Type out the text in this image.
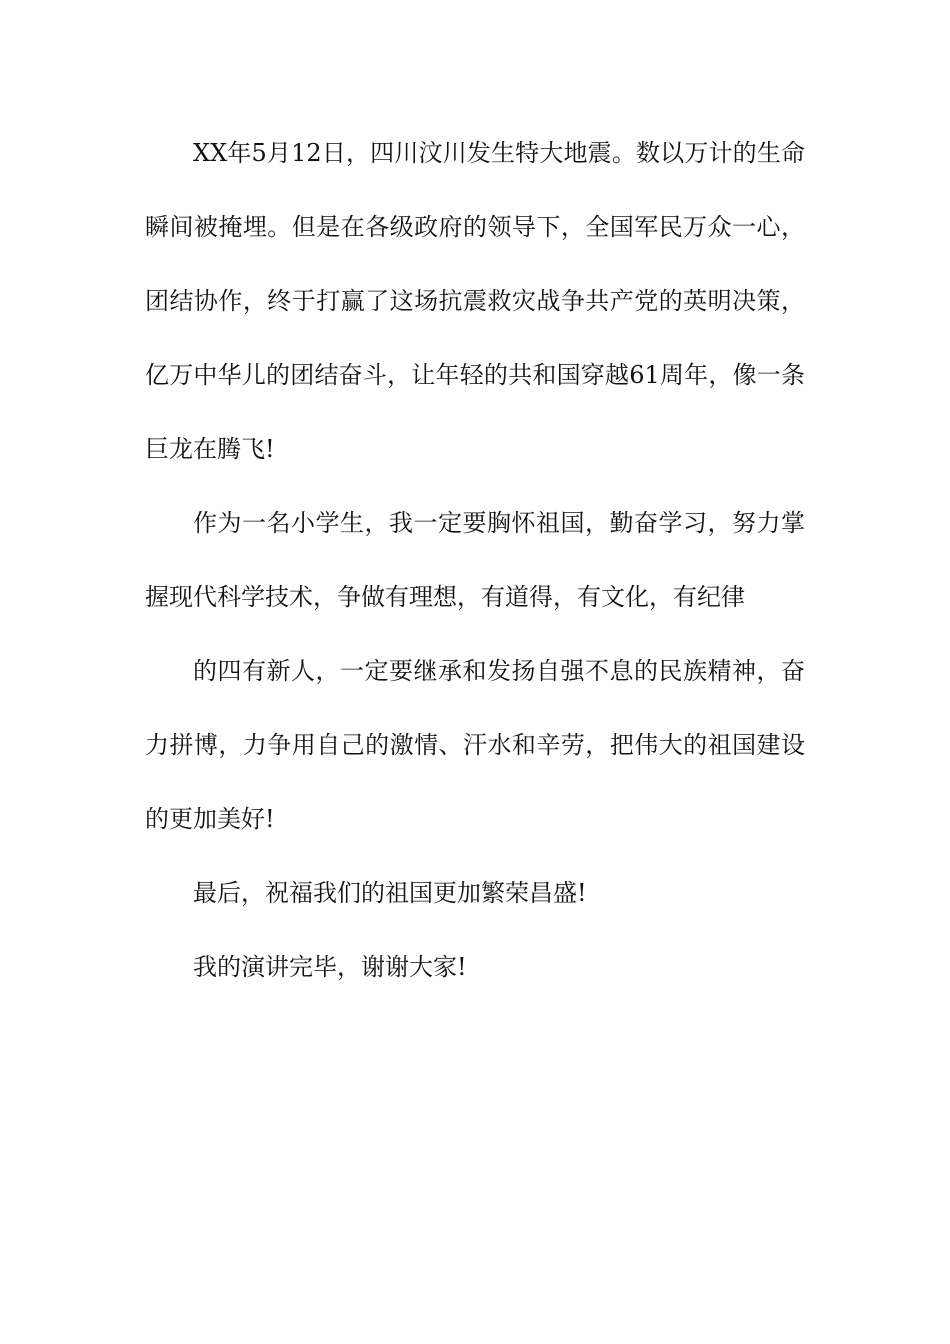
XX年5月12日，四川汶川发生特大地震。数以万计的生命
瞬间被掩埋。但是在各级政府的领导下，全国军民万众一心，
团结协作，终于打赢了这场抗震救灾战争共产党的英明决策，
亿万中华儿的团结奋斗，让年轻的共和国穿越61周年，像一条
巨龙在腾飞!
作为一名小学生，我一定要胸怀祖国，勤奋学习，努力掌
握现代科学技术，争做有理想，有道得，有文化，有纪律
的四有新人，一定要继承和发扬自强不息的民族精神，奋
力拼博，力争用自己的激情、汗水和辛劳，把伟大的祖国建设
的更加美好!
最后，祝福我们的祖国更加繁荣昌盛!
我的演讲完毕，谢谢大家!
